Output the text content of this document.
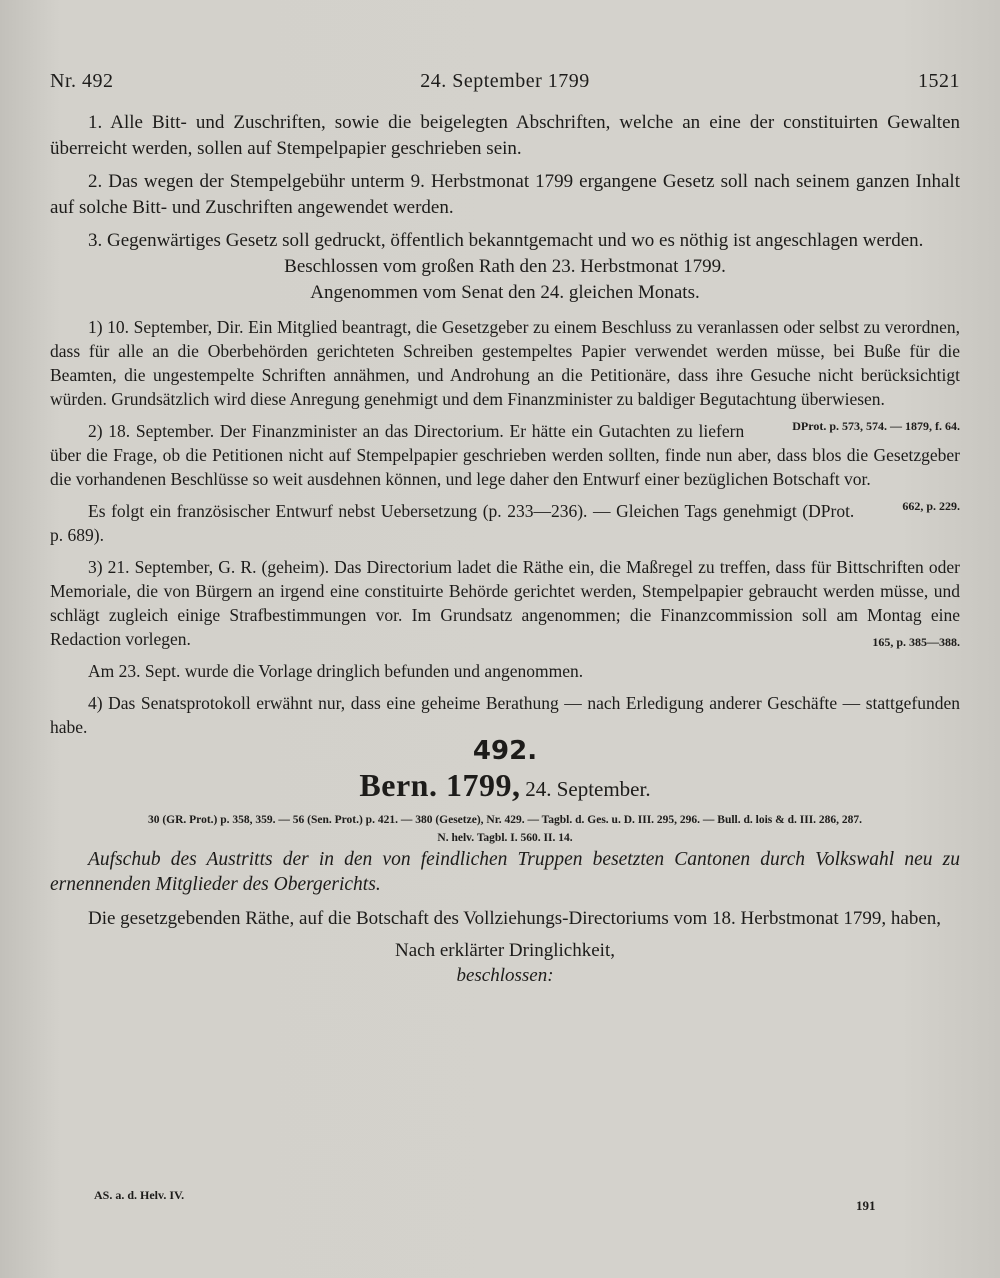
Nr. 492	24. September 1799	1521

1. Alle Bitt- und Zuschriften, sowie die beigelegten Abschriften, welche an eine der constituirten Gewalten überreicht werden, sollen auf Stempelpapier geschrieben sein.

2. Das wegen der Stempelgebühr unterm 9. Herbstmonat 1799 ergangene Gesetz soll nach seinem ganzen Inhalt auf solche Bitt- und Zuschriften angewendet werden.

3. Gegenwärtiges Gesetz soll gedruckt, öffentlich bekanntgemacht und wo es nöthig ist angeschlagen werden.

Beschlossen vom großen Rath den 23. Herbstmonat 1799.

Angenommen vom Senat den 24. gleichen Monats.

1) 10. September, Dir. Ein Mitglied beantragt, die Gesetzgeber zu einem Beschluss zu veranlassen oder selbst zu verordnen, dass für alle an die Oberbehörden gerichteten Schreiben gestempeltes Papier verwendet werden müsse, bei Buße für die Beamten, die ungestempelte Schriften annähmen, und Androhung an die Petitionäre, dass ihre Gesuche nicht berücksichtigt würden. Grundsätzlich wird diese Anregung genehmigt und dem Finanzminister zu baldiger Begutachtung überwiesen.
DProt. p. 573, 574. — 1879, f. 64.

2) 18. September. Der Finanzminister an das Directorium. Er hätte ein Gutachten zu liefern über die Frage, ob die Petitionen nicht auf Stempelpapier geschrieben werden sollten, finde nun aber, dass blos die Gesetzgeber die vorhandenen Beschlüsse so weit ausdehnen können, und lege daher den Entwurf einer bezüglichen Botschaft vor.
662, p. 229.

Es folgt ein französischer Entwurf nebst Uebersetzung (p. 233—236). — Gleichen Tags genehmigt (DProt. p. 689).

3) 21. September, G. R. (geheim). Das Directorium ladet die Räthe ein, die Maßregel zu treffen, dass für Bittschriften oder Memoriale, die von Bürgern an irgend eine constituirte Behörde gerichtet werden, Stempelpapier gebraucht werden müsse, und schlägt zugleich einige Strafbestimmungen vor. Im Grundsatz angenommen; die Finanzcommission soll am Montag eine Redaction vorlegen.	165, p. 385—388.

Am 23. Sept. wurde die Vorlage dringlich befunden und angenommen.

4) Das Senatsprotokoll erwähnt nur, dass eine geheime Berathung — nach Erledigung anderer Geschäfte — stattgefunden habe.

492.

Bern. 1799, 24. September.

30 (GR. Prot.) p. 358, 359. — 56 (Sen. Prot.) p. 421. — 380 (Gesetze), Nr. 429. — Tagbl. d. Ges. u. D. III. 295, 296. — Bull. d. lois & d. III. 286, 287.
N. helv. Tagbl. I. 560. II. 14.

Aufschub des Austritts der in den von feindlichen Truppen besetzten Cantonen durch Volkswahl neu zu ernennenden Mitglieder des Obergerichts.

Die gesetzgebenden Räthe, auf die Botschaft des Vollziehungs-Directoriums vom 18. Herbstmonat 1799, haben,

Nach erklärter Dringlichkeit,

beschlossen:

AS. a. d. Helv. IV.
191
